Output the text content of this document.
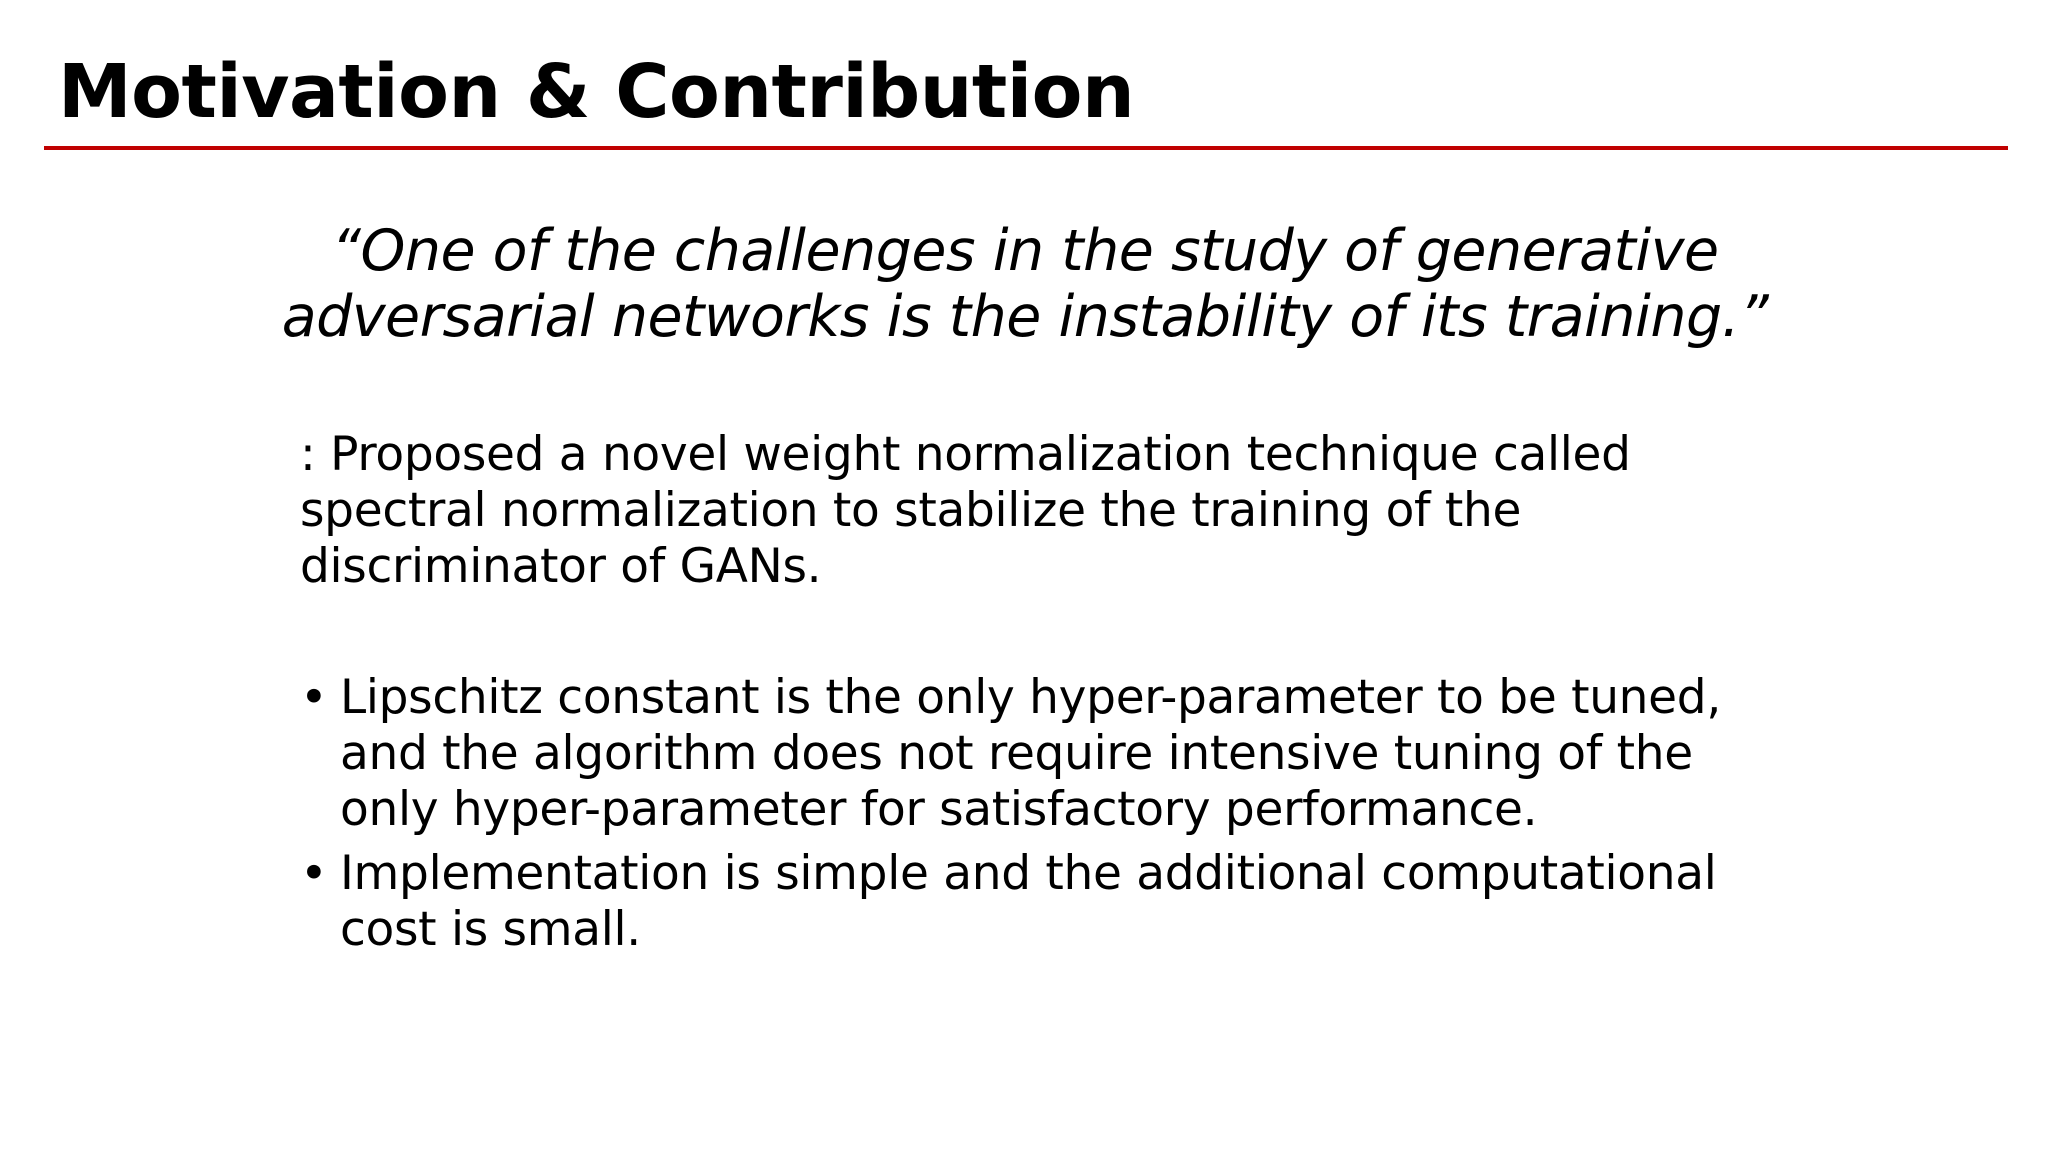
Motivation & Contribution
“One of the challenges in the study of generative
adversarial networks is the instability of its training.”
: Proposed a novel weight normalization technique called
spectral normalization to stabilize the training of the
discriminator of GANs.
• Lipschitz constant is the only hyper-parameter to be tuned,
and the algorithm does not require intensive tuning of the
only hyper-parameter for satisfactory performance.
• Implementation is simple and the additional computational
cost is small.
